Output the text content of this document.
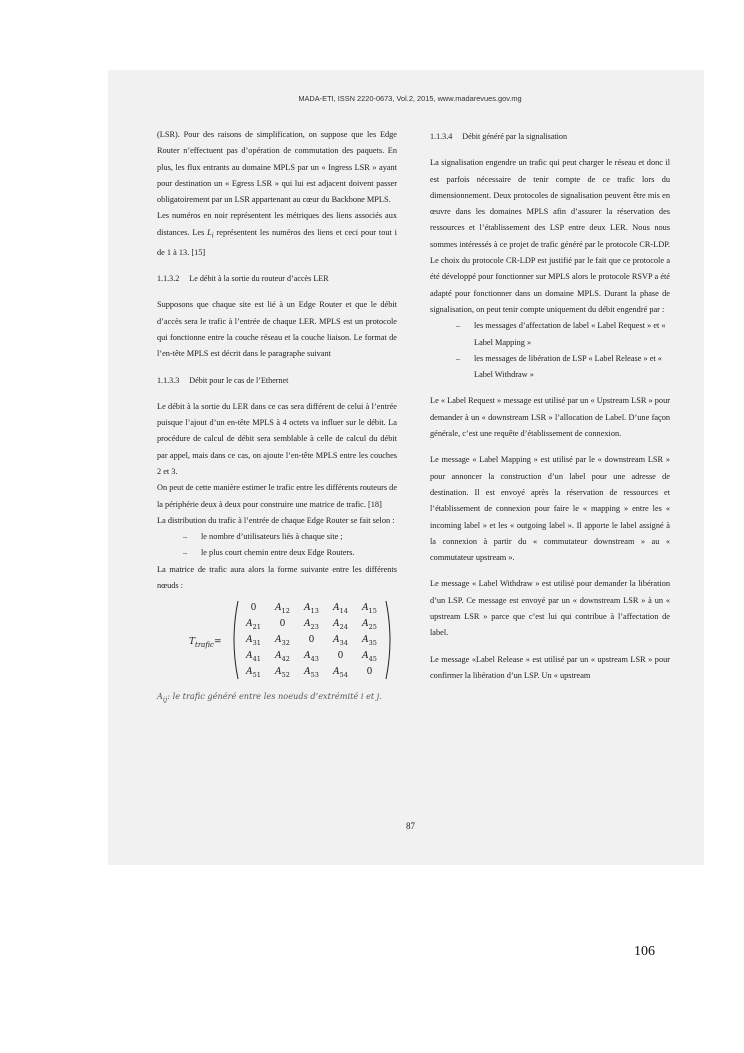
MADA-ETI, ISSN 2220-0673, Vol.2, 2015, www.madarevues.gov.mg

(LSR). Pour des raisons de simplification, on suppose que les Edge Router n’effectuent pas d’opération de commutation des paquets. En plus, les flux entrants au domaine MPLS par un « Ingress LSR » ayant pour destination un « Egress LSR » qui lui est adjacent doivent passer obligatoirement par un LSR appartenant au cœur du Backbone MPLS.

Les numéros en noir représentent les métriques des liens associés aux distances. Les $L_i$ représentent les numéros des liens et ceci pour tout i de 1 à 13. [15]

1.1.3.2 Le débit à la sortie du routeur d’accès LER

Supposons que chaque site est lié à un Edge Router et que le débit d’accès sera le trafic à l’entrée de chaque LER. MPLS est un protocole qui fonctionne entre la couche réseau et la couche liaison. Le format de l’en-tête MPLS est décrit dans le paragraphe suivant

1.1.3.3 Débit pour le cas de l’Ethernet

Le débit à la sortie du LER dans ce cas sera différent de celui à l’entrée puisque l’ajout d’un en-tête MPLS à 4 octets va influer sur le débit. La procédure de calcul de débit sera semblable à celle de calcul du débit par appel, mais dans ce cas, on ajoute l’en-tête MPLS entre les couches 2 et 3.

On peut de cette manière estimer le trafic entre les différents routeurs de la périphérie deux à deux pour construire une matrice de trafic. [18]

La distribution du trafic à l’entrée de chaque Edge Router se fait selon :

– le nombre d’utilisateurs liés à chaque site ;
– le plus court chemin entre deux Edge Routers.

La matrice de trafic aura alors la forme suivante entre les différents nœuds :

$T_{trafic}=$
0	$A_{12}$	$A_{13}$	$A_{14}$	$A_{15}$
$A_{21}$	0	$A_{23}$	$A_{24}$	$A_{25}$
$A_{31}$	$A_{32}$	0	$A_{34}$	$A_{35}$
$A_{41}$	$A_{42}$	$A_{43}$	0	$A_{45}$
$A_{51}$	$A_{52}$	$A_{53}$	$A_{54}$	0
$A_{ij}$: le trafic généré entre les noeuds d’extrémité i et j.
1.1.3.4 Débit généré par la signalisation

La signalisation engendre un trafic qui peut charger le réseau et donc il est parfois nécessaire de tenir compte de ce trafic lors du dimensionnement. Deux protocoles de signalisation peuvent être mis en œuvre dans les domaines MPLS afin d’assurer la réservation des ressources et l’établissement des LSP entre deux LER. Nous nous sommes intéressés à ce projet de trafic généré par le protocole CR-LDP. Le choix du protocole CR-LDP est justifié par le fait que ce protocole a été développé pour fonctionner sur MPLS alors le protocole RSVP a été adapté pour fonctionner dans un domaine MPLS. Durant la phase de signalisation, on peut tenir compte uniquement du débit engendré par :

– les messages d’affectation de label « Label Request » et « Label Mapping »
– les messages de libération de LSP « Label Release » et « Label Withdraw »

Le « Label Request » message est utilisé par un « Upstream LSR » pour demander à un « downstream LSR » l’allocation de Label. D’une façon générale, c’est une requête d’établissement de connexion.

Le message « Label Mapping » est utilisé par le « downstream LSR » pour annoncer la construction d’un label pour une adresse de destination. Il est envoyé après la réservation de ressources et l’établissement de connexion pour faire le « mapping » entre les « incoming label » et les « outgoing label ». Il apporte le label assigné à la connexion à partir du « commutateur downstream » au « commutateur upstream ».

Le message « Label Withdraw » est utilisé pour demander la libération d’un LSP. Ce message est envoyé par un « downstream LSR » à un « upstream LSR » parce que c’est lui qui contribue à l’affectation de label.

Le message «Label Release » est utilisé par un « upstream LSR » pour confirmer la libération d’un LSP. Un « upstream

87
106
